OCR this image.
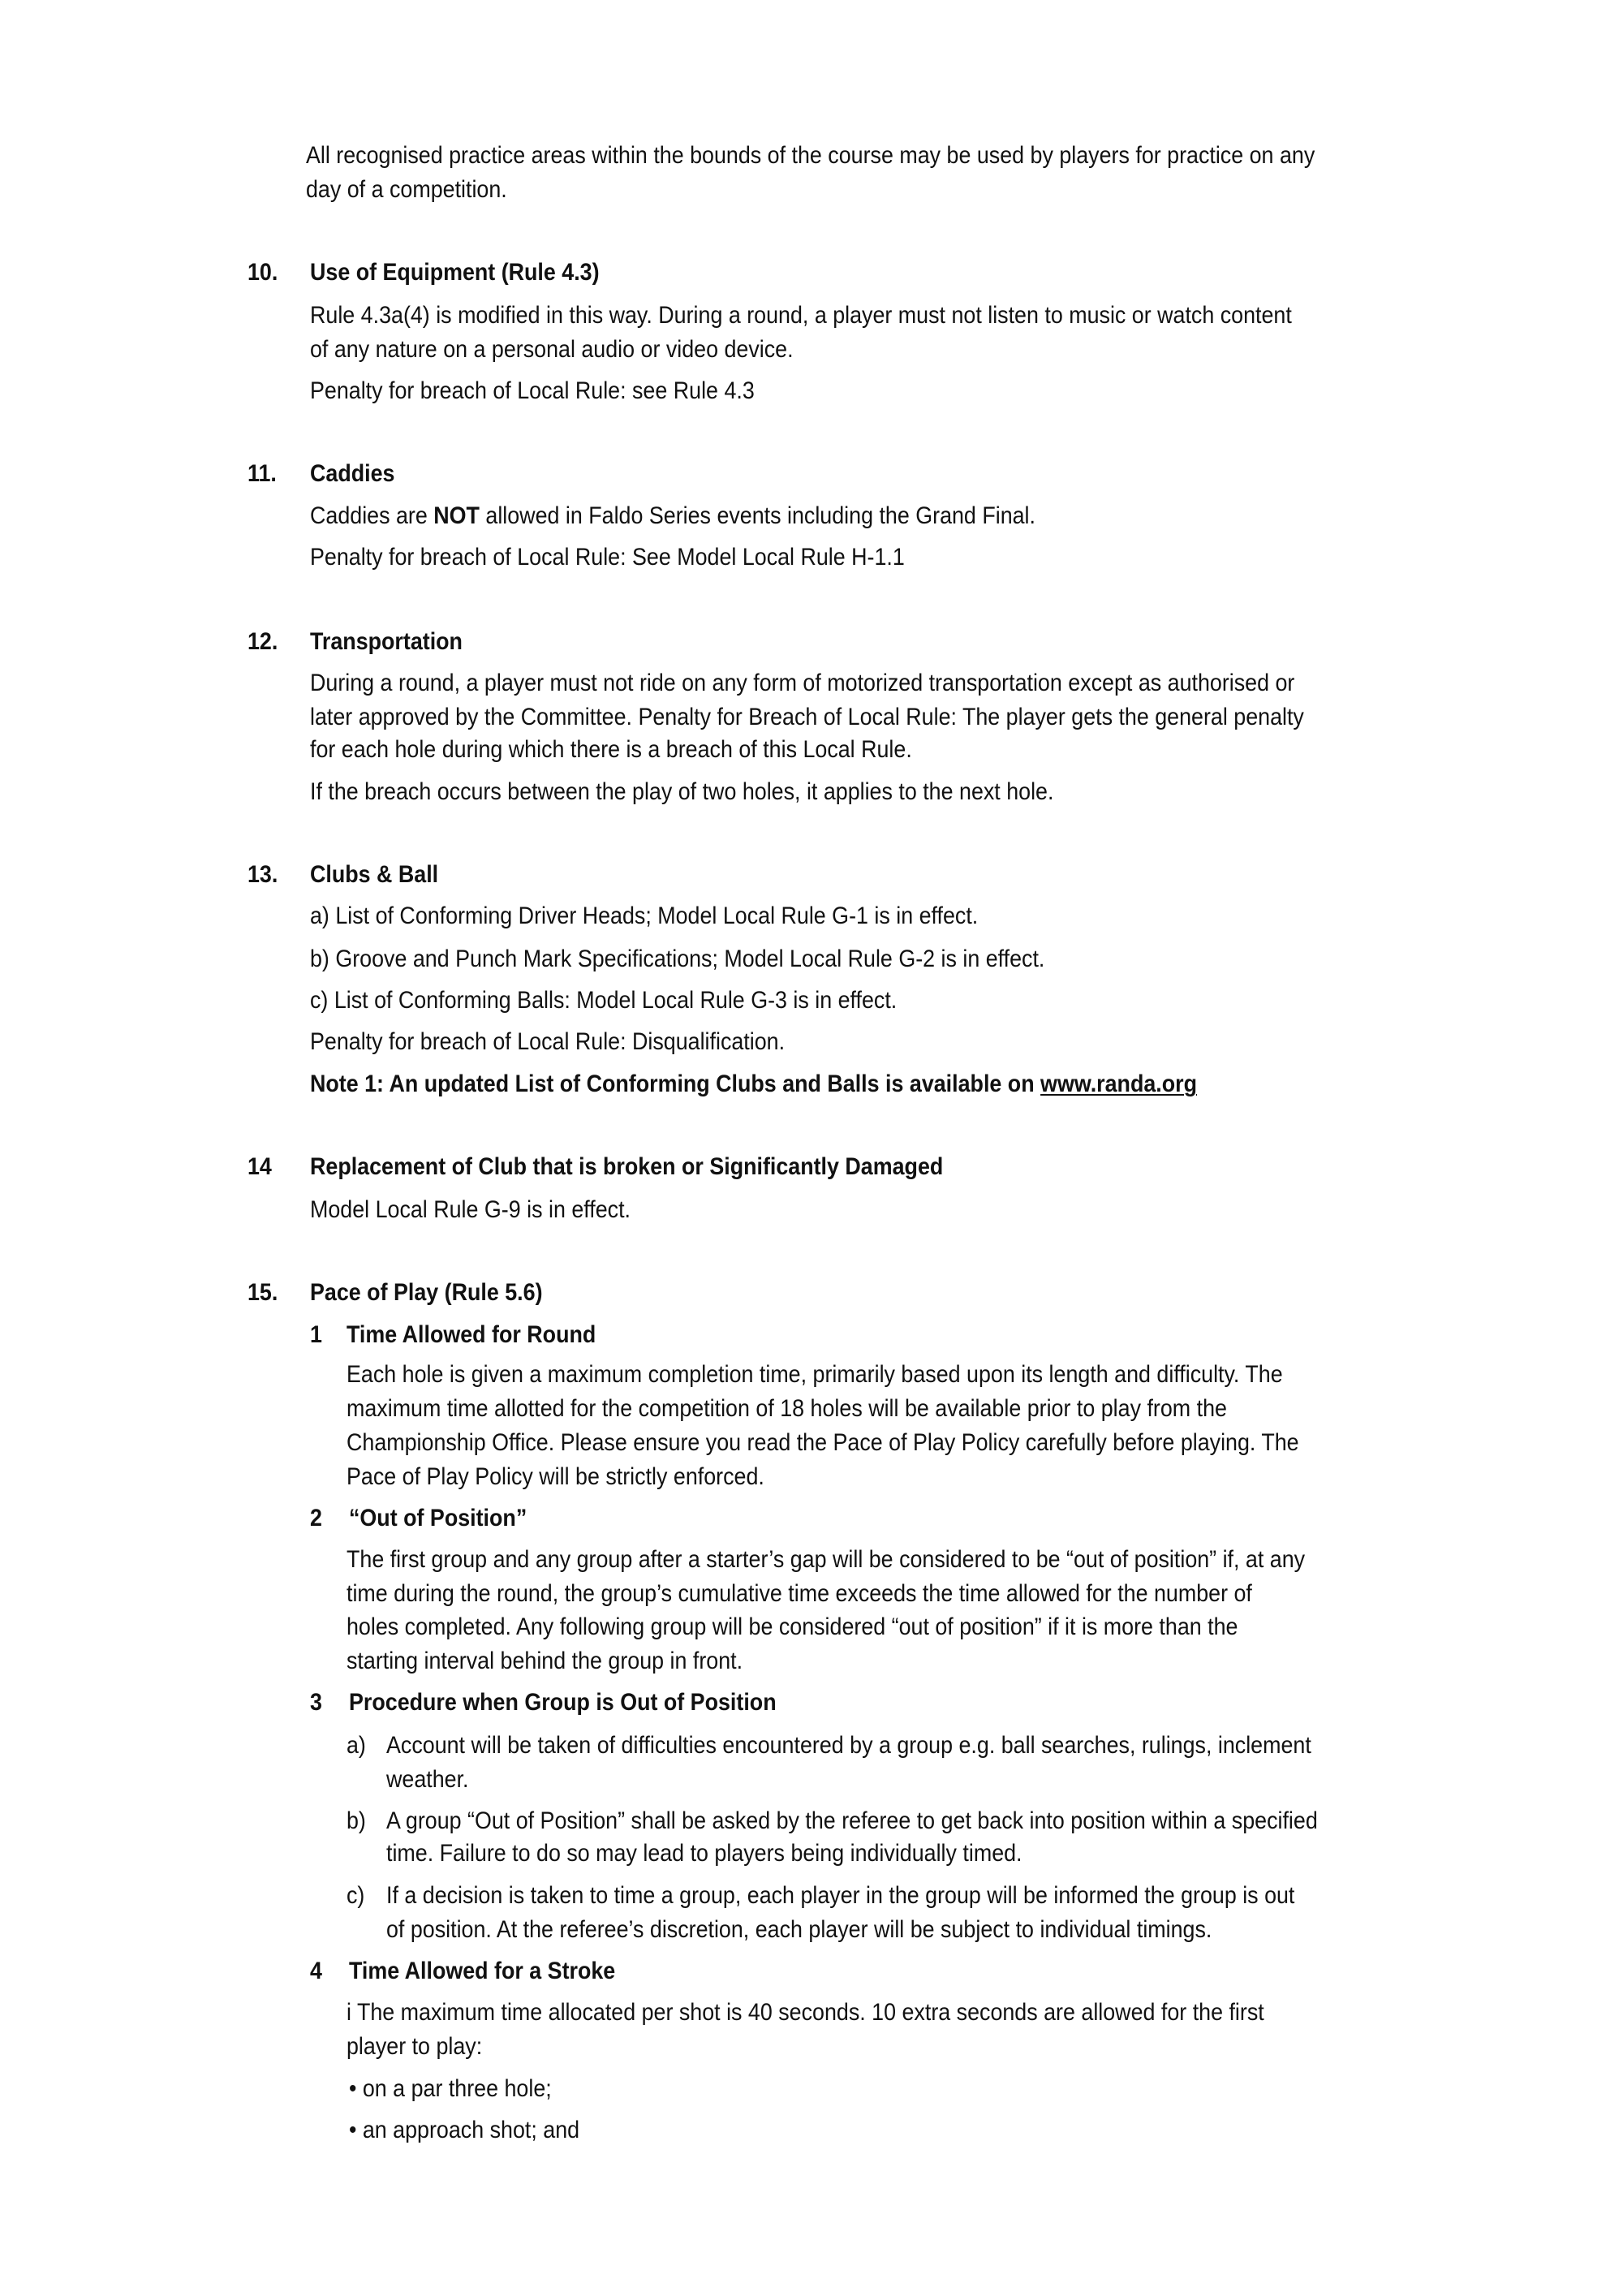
All recognised practice areas within the bounds of the course may be used by players for practice on any
day of a competition.
10. Use of Equipment (Rule 4.3)
Rule 4.3a(4) is modified in this way. During a round, a player must not listen to music or watch content
of any nature on a personal audio or video device.
Penalty for breach of Local Rule: see Rule 4.3
11. Caddies
Caddies are NOT allowed in Faldo Series events including the Grand Final.
Penalty for breach of Local Rule: See Model Local Rule H-1.1
12. Transportation
During a round, a player must not ride on any form of motorized transportation except as authorised or
later approved by the Committee. Penalty for Breach of Local Rule: The player gets the general penalty
for each hole during which there is a breach of this Local Rule.
If the breach occurs between the play of two holes, it applies to the next hole.
13. Clubs & Ball
a) List of Conforming Driver Heads; Model Local Rule G-1 is in effect.
b) Groove and Punch Mark Specifications; Model Local Rule G-2 is in effect.
c) List of Conforming Balls: Model Local Rule G-3 is in effect.
Penalty for breach of Local Rule: Disqualification.
Note 1: An updated List of Conforming Clubs and Balls is available on www.randa.org
14 Replacement of Club that is broken or Significantly Damaged
Model Local Rule G-9 is in effect.
15. Pace of Play (Rule 5.6)
1 Time Allowed for Round
Each hole is given a maximum completion time, primarily based upon its length and difficulty. The
maximum time allotted for the competition of 18 holes will be available prior to play from the
Championship Office. Please ensure you read the Pace of Play Policy carefully before playing. The
Pace of Play Policy will be strictly enforced.
2 “Out of Position”
The first group and any group after a starter’s gap will be considered to be “out of position” if, at any
time during the round, the group’s cumulative time exceeds the time allowed for the number of
holes completed. Any following group will be considered “out of position” if it is more than the
starting interval behind the group in front.
3 Procedure when Group is Out of Position
a) Account will be taken of difficulties encountered by a group e.g. ball searches, rulings, inclement
weather.
b) A group “Out of Position” shall be asked by the referee to get back into position within a specified
time. Failure to do so may lead to players being individually timed.
c) If a decision is taken to time a group, each player in the group will be informed the group is out
of position. At the referee’s discretion, each player will be subject to individual timings.
4 Time Allowed for a Stroke
i The maximum time allocated per shot is 40 seconds. 10 extra seconds are allowed for the first
player to play:
• on a par three hole;
• an approach shot; and
